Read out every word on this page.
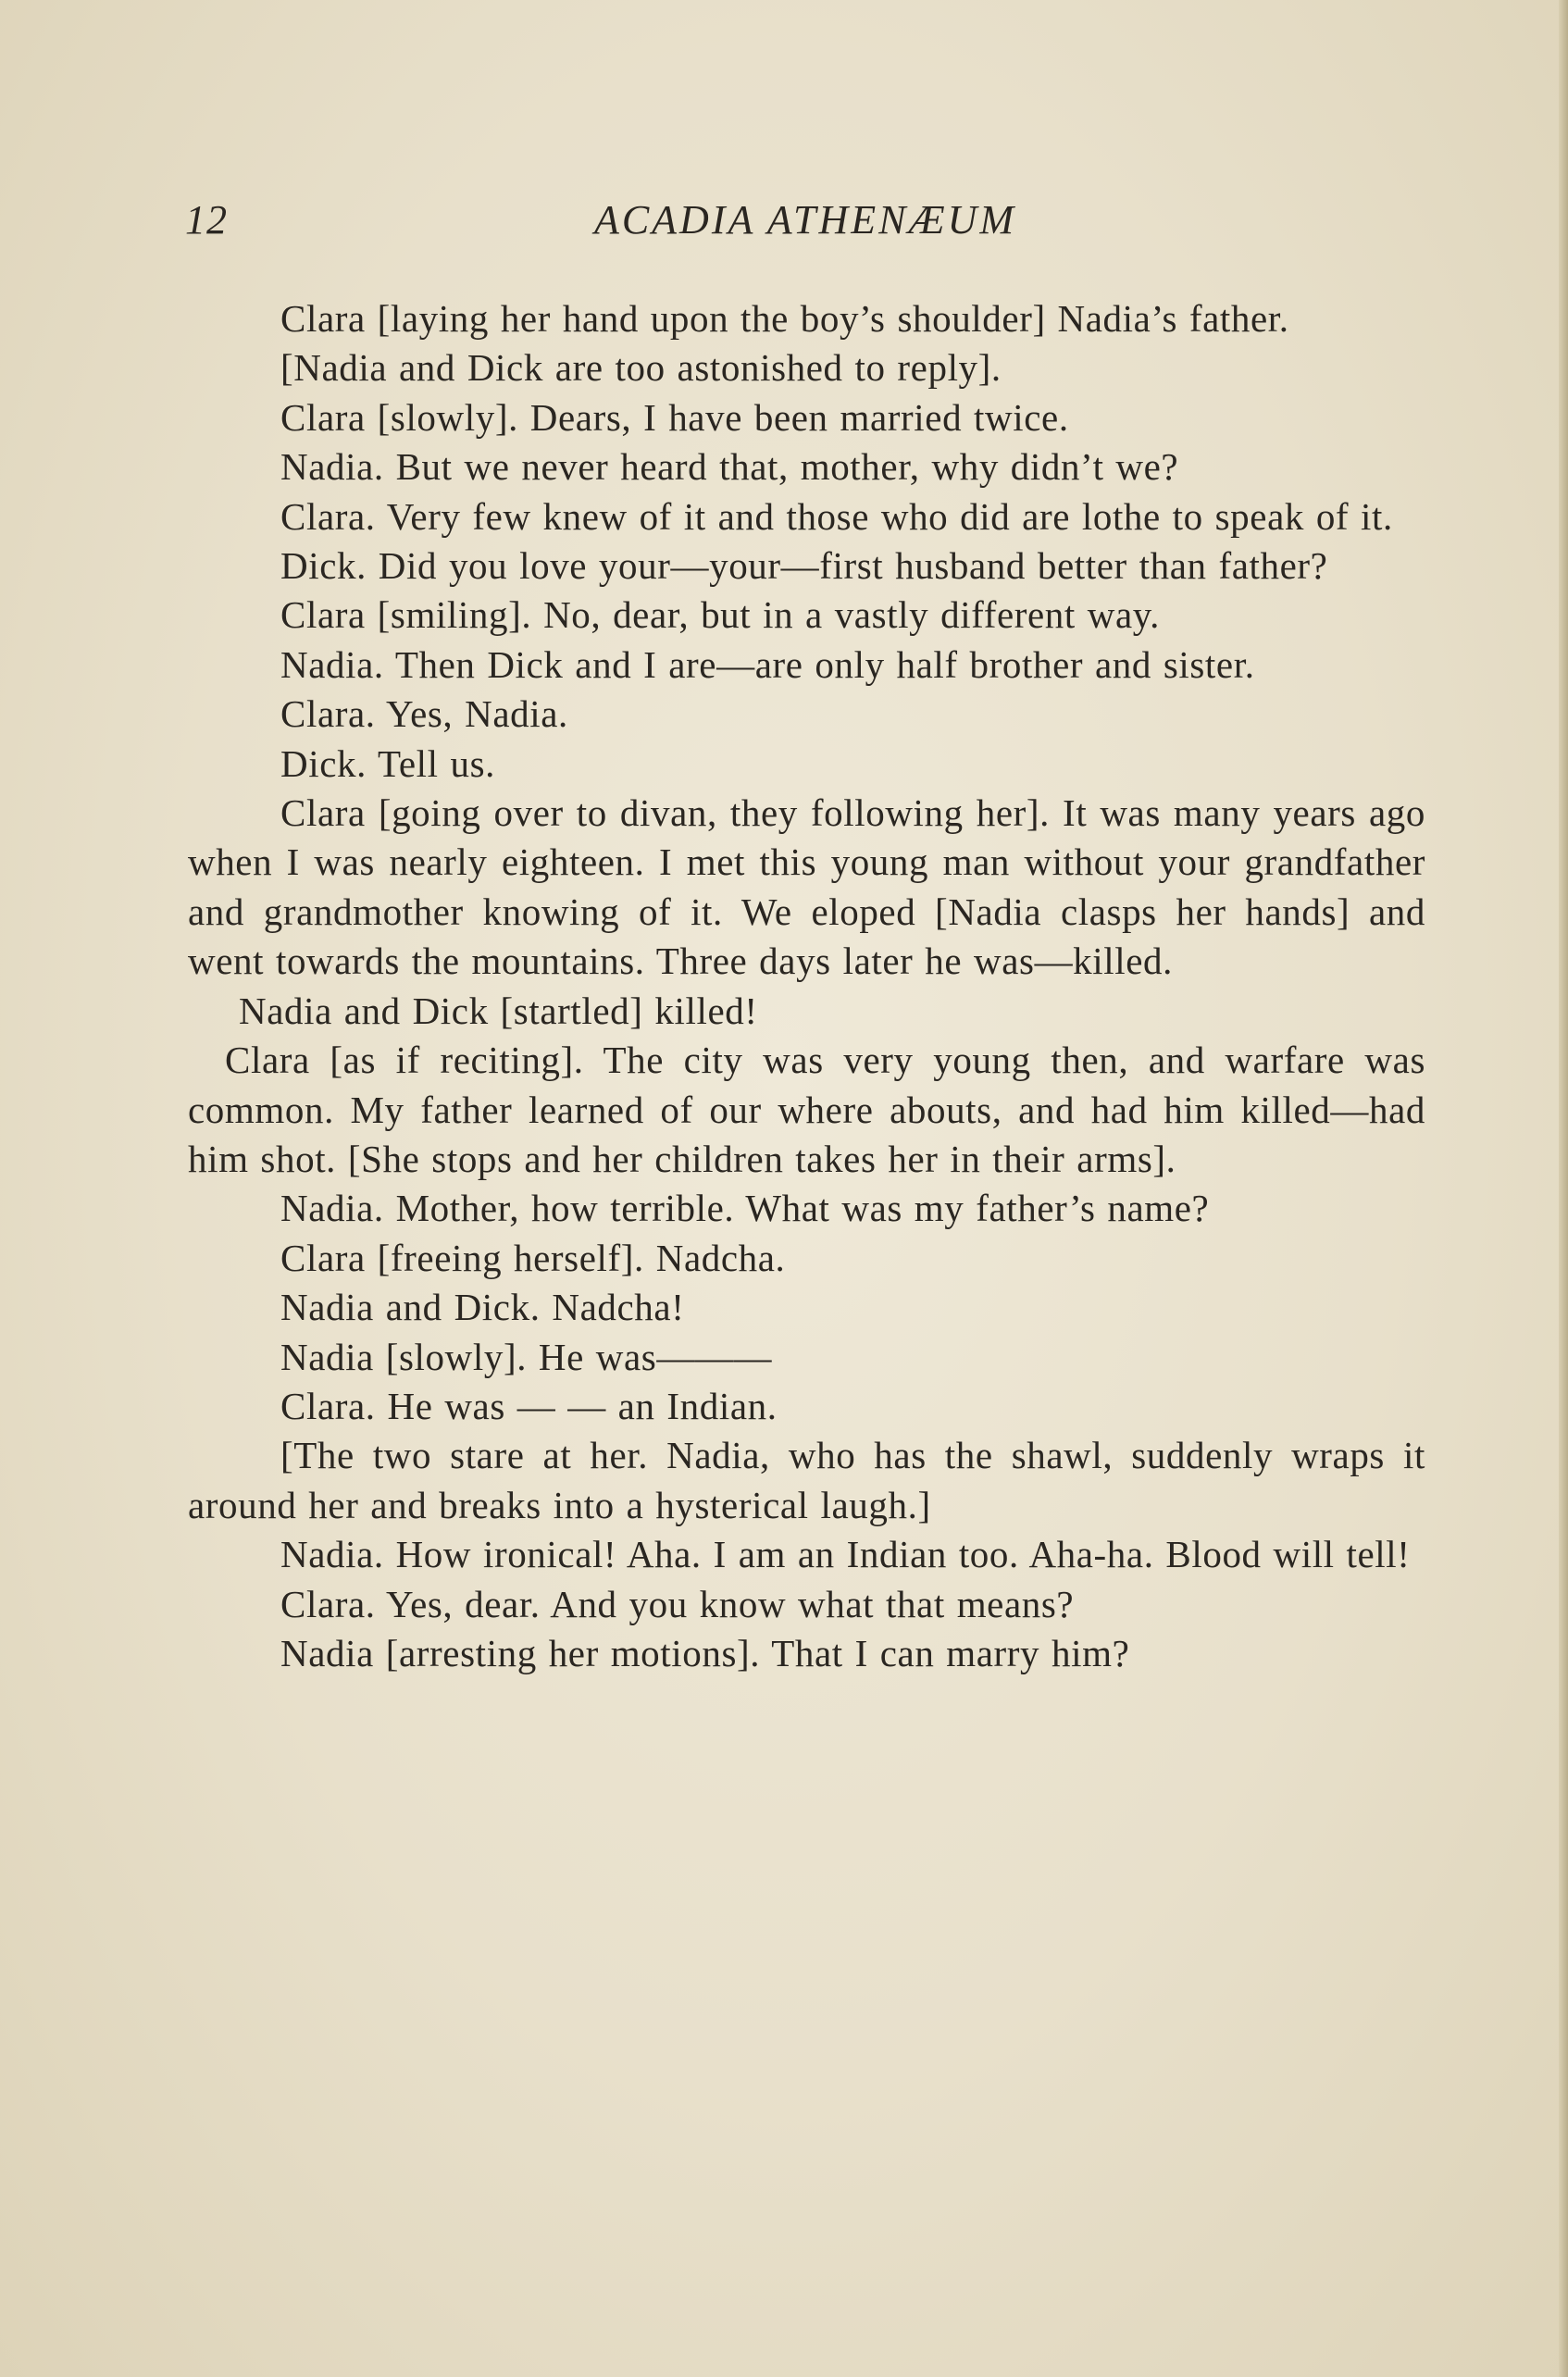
12	ACADIA ATHENÆUM

Clara [laying her hand upon the boy’s shoulder] Nadia’s father.

[Nadia and Dick are too astonished to reply].

Clara [slowly]. Dears, I have been married twice.

Nadia. But we never heard that, mother, why didn’t we?

Clara. Very few knew of it and those who did are lothe to speak of it.

Dick. Did you love your—your—first husband better than father?

Clara [smiling]. No, dear, but in a vastly different way.

Nadia. Then Dick and I are—are only half brother and sister.

Clara. Yes, Nadia.

Dick. Tell us.

Clara [going over to divan, they following her]. It was many years ago when I was nearly eighteen. I met this young man without your grandfather and grandmother knowing of it. We eloped [Nadia clasps her hands] and went towards the mountains. Three days later he was—killed.

Nadia and Dick [startled] killed!

Clara [as if reciting]. The city was very young then, and warfare was common. My father learned of our where abouts, and had him killed—had him shot. [She stops and her children takes her in their arms].

Nadia. Mother, how terrible. What was my father’s name?

Clara [freeing herself]. Nadcha.

Nadia and Dick. Nadcha!

Nadia [slowly]. He was———

Clara. He was — — an Indian.

[The two stare at her. Nadia, who has the shawl, suddenly wraps it around her and breaks into a hysterical laugh.]

Nadia. How ironical! Aha. I am an Indian too. Aha-ha. Blood will tell!

Clara. Yes, dear. And you know what that means?

Nadia [arresting her motions]. That I can marry him?
